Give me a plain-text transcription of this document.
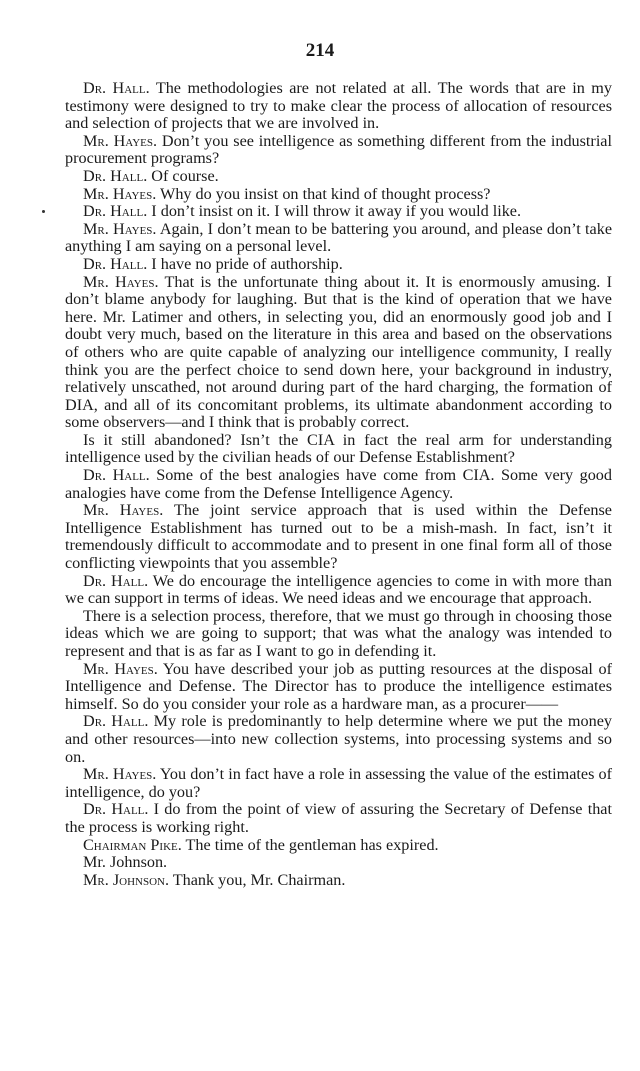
214

Dr. Hall. The methodologies are not related at all. The words that are in my testimony were designed to try to make clear the process of allocation of resources and selection of projects that we are involved in.

Mr. Hayes. Don’t you see intelligence as something different from the industrial procurement programs?

Dr. Hall. Of course.

Mr. Hayes. Why do you insist on that kind of thought process?

Dr. Hall. I don’t insist on it. I will throw it away if you would like.

Mr. Hayes. Again, I don’t mean to be battering you around, and please don’t take anything I am saying on a personal level.

Dr. Hall. I have no pride of authorship.

Mr. Hayes. That is the unfortunate thing about it. It is enormously amusing. I don’t blame anybody for laughing. But that is the kind of operation that we have here. Mr. Latimer and others, in selecting you, did an enormously good job and I doubt very much, based on the literature in this area and based on the observations of others who are quite capable of analyzing our intelligence community, I really think you are the perfect choice to send down here, your background in industry, relatively unscathed, not around during part of the hard charging, the formation of DIA, and all of its concomitant problems, its ultimate abandonment according to some observers—and I think that is probably correct.

Is it still abandoned? Isn’t the CIA in fact the real arm for understanding intelligence used by the civilian heads of our Defense Establishment?

Dr. Hall. Some of the best analogies have come from CIA. Some very good analogies have come from the Defense Intelligence Agency.

Mr. Hayes. The joint service approach that is used within the Defense Intelligence Establishment has turned out to be a mish-mash. In fact, isn’t it tremendously difficult to accommodate and to present in one final form all of those conflicting viewpoints that you assemble?

Dr. Hall. We do encourage the intelligence agencies to come in with more than we can support in terms of ideas. We need ideas and we encourage that approach.

There is a selection process, therefore, that we must go through in choosing those ideas which we are going to support; that was what the analogy was intended to represent and that is as far as I want to go in defending it.

Mr. Hayes. You have described your job as putting resources at the disposal of Intelligence and Defense. The Director has to produce the intelligence estimates himself. So do you consider your role as a hardware man, as a procurer——

Dr. Hall. My role is predominantly to help determine where we put the money and other resources—into new collection systems, into processing systems and so on.

Mr. Hayes. You don’t in fact have a role in assessing the value of the estimates of intelligence, do you?

Dr. Hall. I do from the point of view of assuring the Secretary of Defense that the process is working right.

Chairman Pike. The time of the gentleman has expired.

Mr. Johnson.

Mr. Johnson. Thank you, Mr. Chairman.
